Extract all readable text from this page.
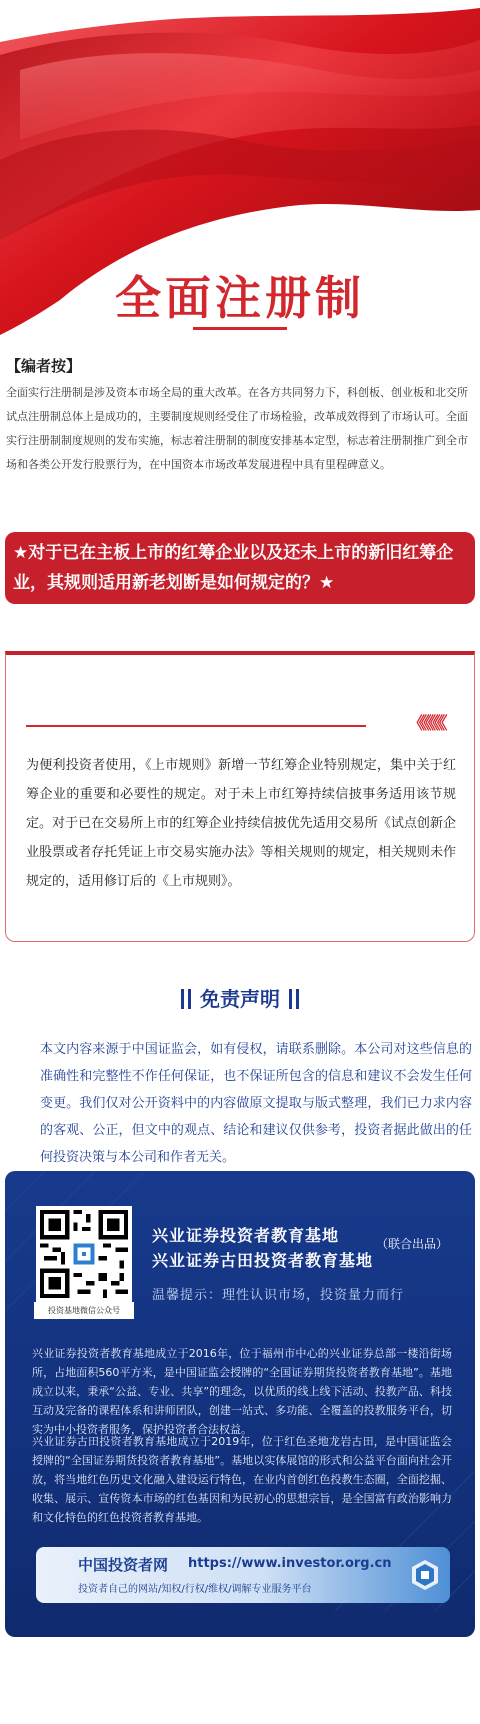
全面注册制
【编者按】
全面实行注册制是涉及资本市场全局的重大改革。在各方共同努力下，科创板、创业板和北交所试点注册制总体上是成功的，主要制度规则经受住了市场检验，改革成效得到了市场认可。全面实行注册制制度规则的发布实施，标志着注册制的制度安排基本定型，标志着注册制推广到全市场和各类公开发行股票行为，在中国资本市场改革发展进程中具有里程碑意义。
★对于已在主板上市的红筹企业以及还未上市的新旧红筹企业，其规则适用新老划断是如何规定的？★
《《《《《《
为便利投资者使用，《上市规则》新增一节红筹企业特别规定，集中关于红筹企业的重要和必要性的规定。对于未上市红筹持续信披事务适用该节规定。对于已在交易所上市的红筹企业持续信披优先适用交易所《试点创新企业股票或者存托凭证上市交易实施办法》等相关规则的规定，相关规则未作规定的，适用修订后的《上市规则》。
免责声明
本文内容来源于中国证监会，如有侵权，请联系删除。本公司对这些信息的准确性和完整性不作任何保证，也不保证所包含的信息和建议不会发生任何变更。我们仅对公开资料中的内容做原文提取与版式整理，我们已力求内容的客观、公正，但文中的观点、结论和建议仅供参考，投资者据此做出的任何投资决策与本公司和作者无关。
投资基地微信公众号
兴业证券投资者教育基地
兴业证券古田投资者教育基地
（联合出品）
温馨提示：理性认识市场，投资量力而行
兴业证券投资者教育基地成立于2016年，位于福州市中心的兴业证券总部一楼沿街场所，占地面积560平方米，是中国证监会授牌的“全国证券期货投资者教育基地”。基地成立以来，秉承“公益、专业、共享”的理念，以优质的线上线下活动、投教产品、科技互动及完备的课程体系和讲师团队，创建一站式、多功能、全覆盖的投教服务平台，切实为中小投资者服务，保护投资者合法权益。
兴业证券古田投资者教育基地成立于2019年，位于红色圣地龙岩古田，是中国证监会授牌的“全国证券期货投资者教育基地”。基地以实体展馆的形式和公益平台面向社会开放，将当地红色历史文化融入建设运行特色，在业内首创红色投教生态圈，全面挖掘、收集、展示、宣传资本市场的红色基因和为民初心的思想宗旨，是全国富有政治影响力和文化特色的红色投资者教育基地。
中国投资者网 https://www.investor.org.cn
投资者自己的网站/知权/行权/维权/调解专业服务平台
